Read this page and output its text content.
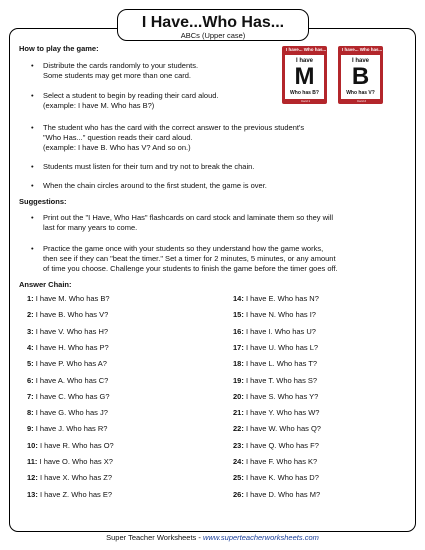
I Have...Who Has...
ABCs (Upper case)
How to play the game:
• Distribute the cards randomly to your students.
Some students may get more than one card.
• Select a student to begin by reading their card aloud.
(example: I have M. Who has B?)
• The student who has the card with the correct answer to the previous student's
"Who Has..." question reads their card aloud.
(example: I have B. Who has V? And so on.)
• Students must listen for their turn and try not to break the chain.
• When the chain circles around to the first student, the game is over.
I have... Who has...
I have
M
Who has B?
Card 1
I have... Who has...
I have
B
Who has V?
Card 2
Suggestions:
• Print out the "I Have, Who Has" flashcards on card stock and laminate them so they will
last for many years to come.
• Practice the game once with your students so they understand how the game works,
then see if they can "beat the timer." Set a timer for 2 minutes, 5 minutes, or any amount
of time you choose. Challenge your students to finish the game before the timer goes off.
Answer Chain:
1: I have M. Who has B?
2: I have B. Who has V?
3: I have V. Who has H?
4: I have H. Who has P?
5: I have P. Who has A?
6: I have A. Who has C?
7: I have C. Who has G?
8: I have G. Who has J?
9: I have J. Who has R?
10: I have R. Who has O?
11: I have O. Who has X?
12: I have X. Who has Z?
13: I have Z. Who has E?
14: I have E. Who has N?
15: I have N. Who has I?
16: I have I. Who has U?
17: I have U. Who has L?
18: I have L. Who has T?
19: I have T. Who has S?
20: I have S. Who has Y?
21: I have Y. Who has W?
22: I have W. Who has Q?
23: I have Q. Who has F?
24: I have F. Who has K?
25: I have K. Who has D?
26: I have D. Who has M?
Super Teacher Worksheets - www.superteacherworksheets.com
